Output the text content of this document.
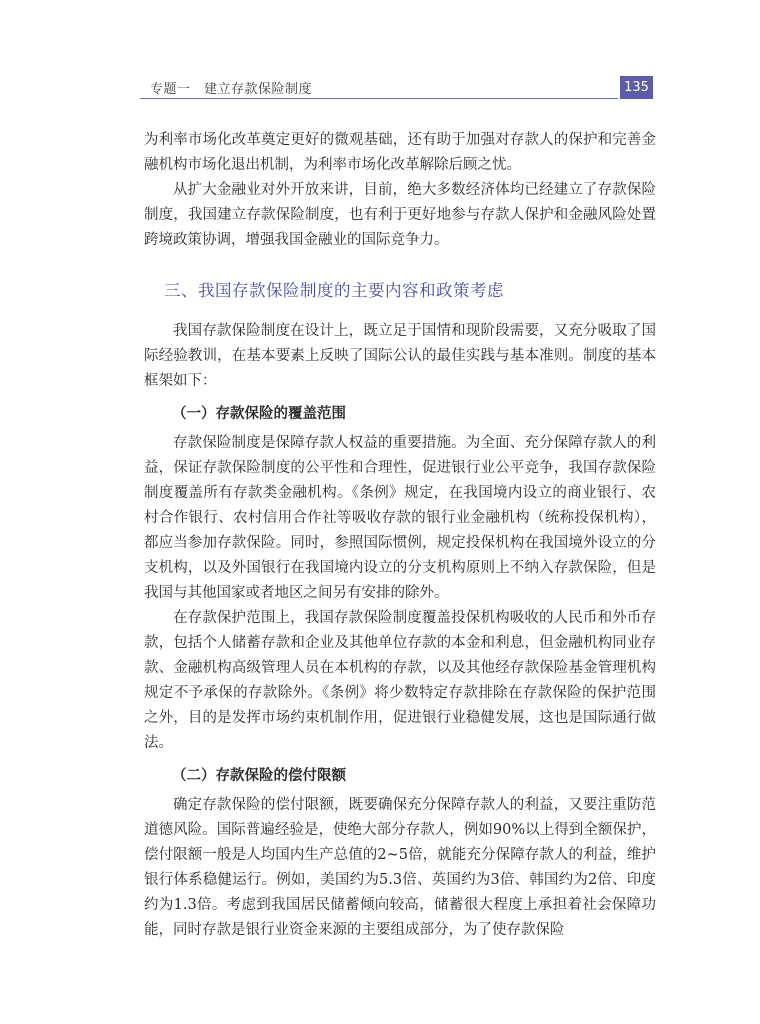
专题一　建立存款保险制度	135

为利率市场化改革奠定更好的微观基础，还有助于加强对存款人的保护和完善金融机构市场化退出机制，为利率市场化改革解除后顾之忧。

从扩大金融业对外开放来讲，目前，绝大多数经济体均已经建立了存款保险制度，我国建立存款保险制度，也有利于更好地参与存款人保护和金融风险处置跨境政策协调，增强我国金融业的国际竞争力。

三、我国存款保险制度的主要内容和政策考虑

我国存款保险制度在设计上，既立足于国情和现阶段需要，又充分吸取了国际经验教训，在基本要素上反映了国际公认的最佳实践与基本准则。制度的基本框架如下：

（一）存款保险的覆盖范围

存款保险制度是保障存款人权益的重要措施。为全面、充分保障存款人的利益，保证存款保险制度的公平性和合理性，促进银行业公平竞争，我国存款保险制度覆盖所有存款类金融机构。《条例》规定，在我国境内设立的商业银行、农村合作银行、农村信用合作社等吸收存款的银行业金融机构（统称投保机构），都应当参加存款保险。同时，参照国际惯例，规定投保机构在我国境外设立的分支机构，以及外国银行在我国境内设立的分支机构原则上不纳入存款保险，但是我国与其他国家或者地区之间另有安排的除外。

在存款保护范围上，我国存款保险制度覆盖投保机构吸收的人民币和外币存款，包括个人储蓄存款和企业及其他单位存款的本金和利息，但金融机构同业存款、金融机构高级管理人员在本机构的存款，以及其他经存款保险基金管理机构规定不予承保的存款除外。《条例》将少数特定存款排除在存款保险的保护范围之外，目的是发挥市场约束机制作用，促进银行业稳健发展，这也是国际通行做法。

（二）存款保险的偿付限额

确定存款保险的偿付限额，既要确保充分保障存款人的利益，又要注重防范道德风险。国际普遍经验是，使绝大部分存款人，例如90%以上得到全额保护，偿付限额一般是人均国内生产总值的2~5倍，就能充分保障存款人的利益，维护银行体系稳健运行。例如，美国约为5.3倍、英国约为3倍、韩国约为2倍、印度约为1.3倍。考虑到我国居民储蓄倾向较高，储蓄很大程度上承担着社会保障功能，同时存款是银行业资金来源的主要组成部分，为了使存款保险
